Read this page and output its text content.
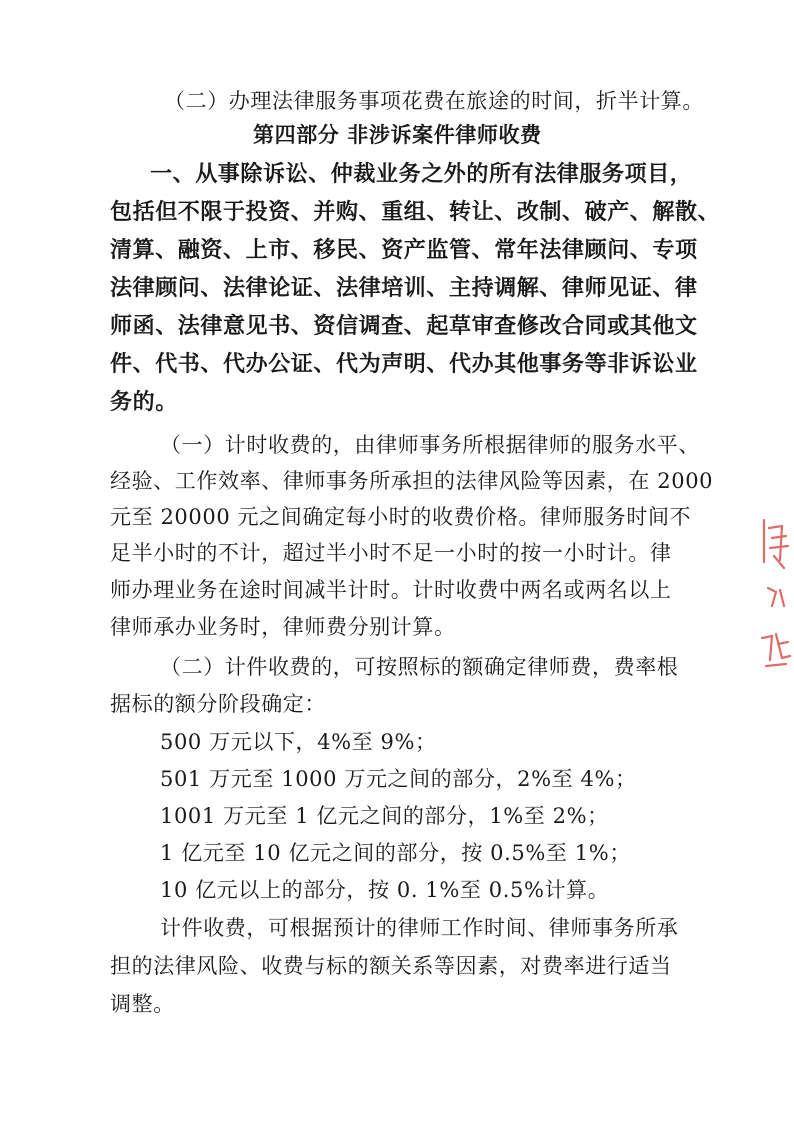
（二）办理法律服务事项花费在旅途的时间，折半计算。
第四部分 非涉诉案件律师收费
一、从事除诉讼、仲裁业务之外的所有法律服务项目，
包括但不限于投资、并购、重组、转让、改制、破产、解散、
清算、融资、上市、移民、资产监管、常年法律顾问、专项
法律顾问、法律论证、法律培训、主持调解、律师见证、律
师函、法律意见书、资信调查、起草审查修改合同或其他文
件、代书、代办公证、代为声明、代办其他事务等非诉讼业
务的。
（一）计时收费的，由律师事务所根据律师的服务水平、
经验、工作效率、律师事务所承担的法律风险等因素，在 2000
元至 20000 元之间确定每小时的收费价格。律师服务时间不
足半小时的不计，超过半小时不足一小时的按一小时计。律
师办理业务在途时间减半计时。计时收费中两名或两名以上
律师承办业务时，律师费分别计算。
（二）计件收费的，可按照标的额确定律师费，费率根
据标的额分阶段确定：
500 万元以下，4%至 9%；
501 万元至 1000 万元之间的部分，2%至 4%；
1001 万元至 1 亿元之间的部分，1%至 2%；
1 亿元至 10 亿元之间的部分，按 0.5%至 1%；
10 亿元以上的部分，按 0. 1%至 0.5%计算。
计件收费，可根据预计的律师工作时间、律师事务所承
担的法律风险、收费与标的额关系等因素，对费率进行适当
调整。
